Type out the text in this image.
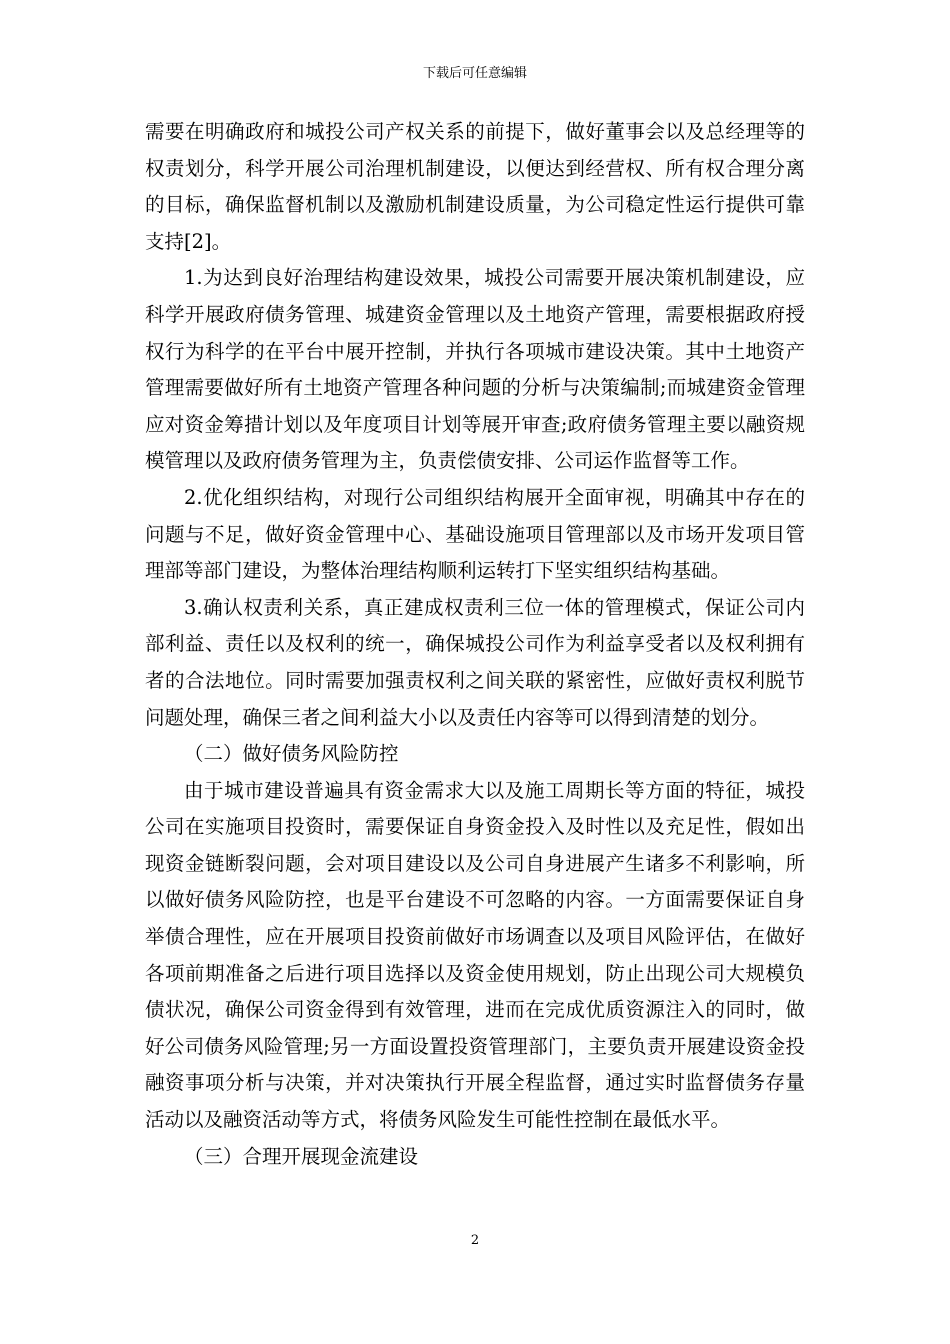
下载后可任意编辑

需要在明确政府和城投公司产权关系的前提下，做好董事会以及总经理等的权责划分，科学开展公司治理机制建设，以便达到经营权、所有权合理分离的目标，确保监督机制以及激励机制建设质量，为公司稳定性运行提供可靠支持[2]。

1.为达到良好治理结构建设效果，城投公司需要开展决策机制建设，应科学开展政府债务管理、城建资金管理以及土地资产管理，需要根据政府授权行为科学的在平台中展开控制，并执行各项城市建设决策。其中土地资产管理需要做好所有土地资产管理各种问题的分析与决策编制;而城建资金管理应对资金筹措计划以及年度项目计划等展开审查;政府债务管理主要以融资规模管理以及政府债务管理为主，负责偿债安排、公司运作监督等工作。

2.优化组织结构，对现行公司组织结构展开全面审视，明确其中存在的问题与不足，做好资金管理中心、基础设施项目管理部以及市场开发项目管理部等部门建设，为整体治理结构顺利运转打下坚实组织结构基础。

3.确认权责利关系，真正建成权责利三位一体的管理模式，保证公司内部利益、责任以及权利的统一，确保城投公司作为利益享受者以及权利拥有者的合法地位。同时需要加强责权利之间关联的紧密性，应做好责权利脱节问题处理，确保三者之间利益大小以及责任内容等可以得到清楚的划分。

（二）做好债务风险防控

由于城市建设普遍具有资金需求大以及施工周期长等方面的特征，城投公司在实施项目投资时，需要保证自身资金投入及时性以及充足性，假如出现资金链断裂问题，会对项目建设以及公司自身进展产生诸多不利影响，所以做好债务风险防控，也是平台建设不可忽略的内容。一方面需要保证自身举债合理性，应在开展项目投资前做好市场调查以及项目风险评估，在做好各项前期准备之后进行项目选择以及资金使用规划，防止出现公司大规模负债状况，确保公司资金得到有效管理，进而在完成优质资源注入的同时，做好公司债务风险管理;另一方面设置投资管理部门，主要负责开展建设资金投融资事项分析与决策，并对决策执行开展全程监督，通过实时监督债务存量活动以及融资活动等方式，将债务风险发生可能性控制在最低水平。

（三）合理开展现金流建设

2
